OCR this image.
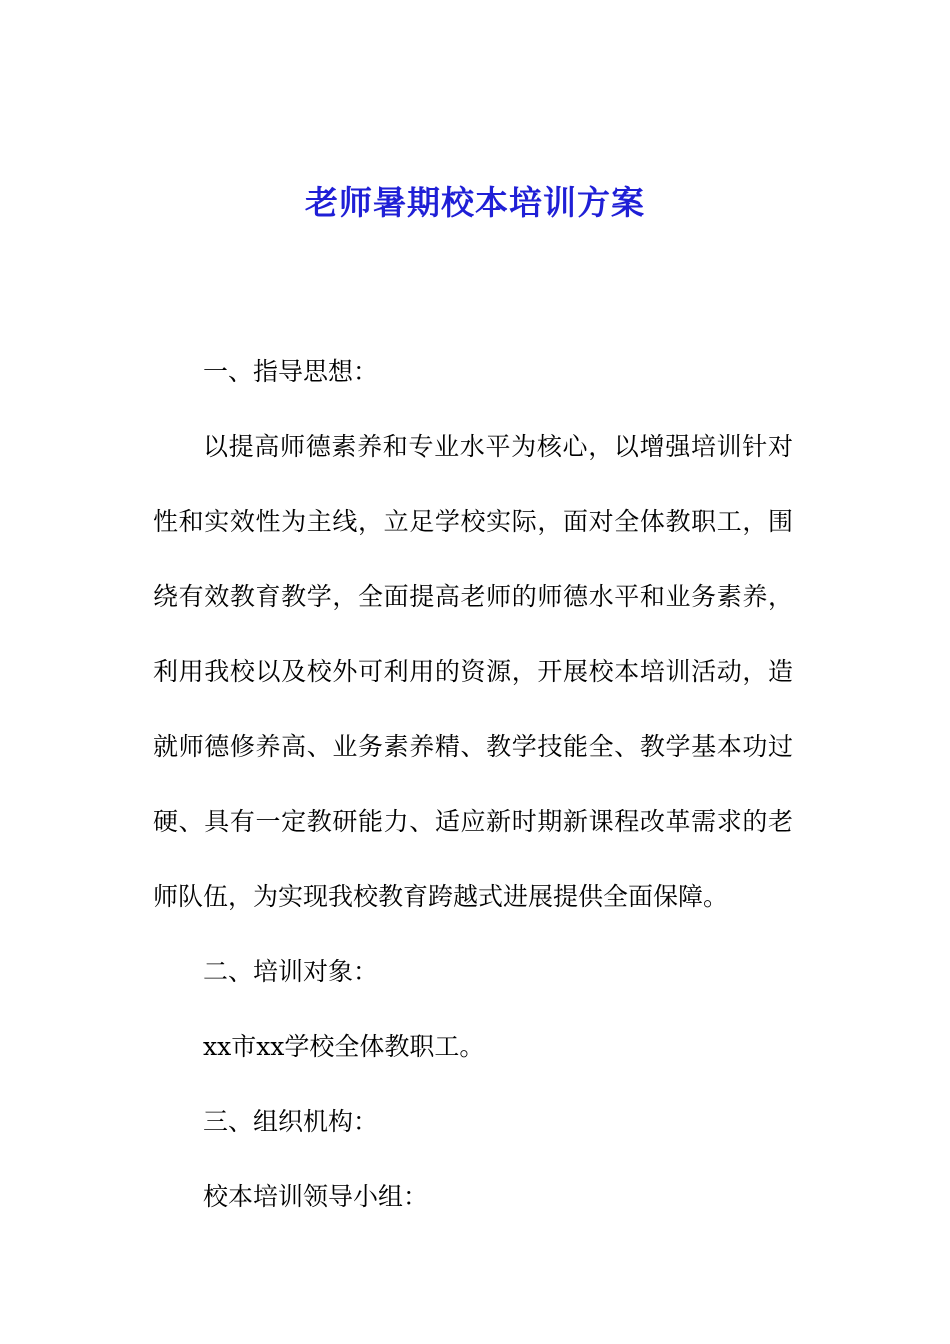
老师暑期校本培训方案

一、指导思想：

以提高师德素养和专业水平为核心，以增强培训针对性和实效性为主线，立足学校实际，面对全体教职工，围绕有效教育教学，全面提高老师的师德水平和业务素养，利用我校以及校外可利用的资源，开展校本培训活动，造就师德修养高、业务素养精、教学技能全、教学基本功过硬、具有一定教研能力、适应新时期新课程改革需求的老师队伍，为实现我校教育跨越式进展提供全面保障。

二、培训对象：

xx市xx学校全体教职工。

三、组织机构：

校本培训领导小组：
